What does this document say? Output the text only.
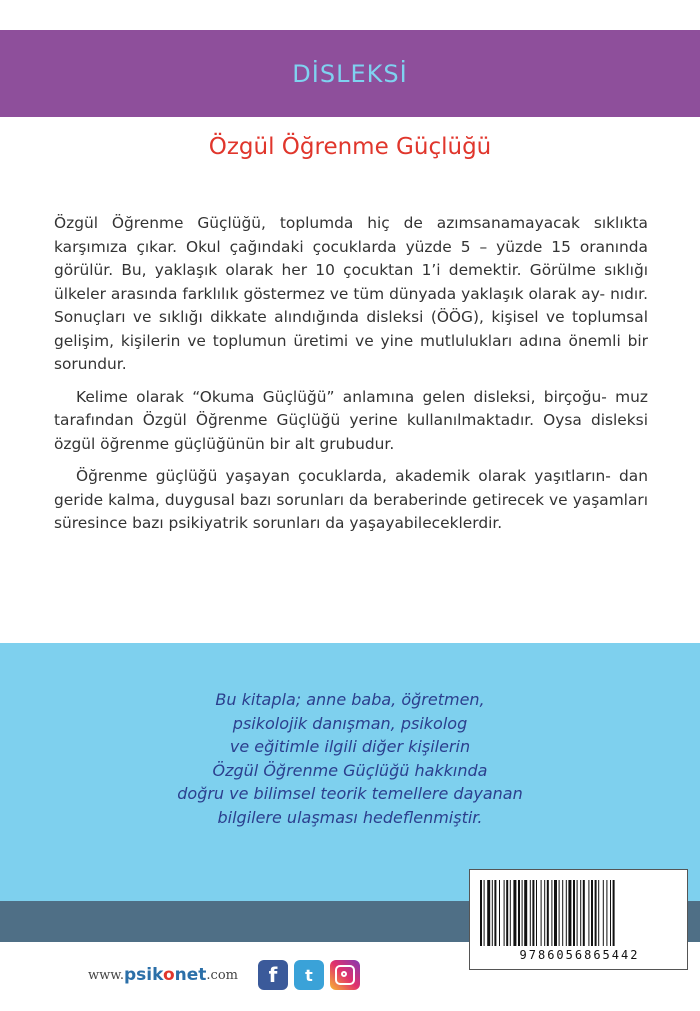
DİSLEKSİ
Özgül Öğrenme Güçlüğü

Özgül Öğrenme Güçlüğü, toplumda hiç de azımsanamayacak sıklıkta karşımıza çıkar. Okul çağındaki çocuklarda yüzde 5 – yüzde 15 oranında görülür. Bu, yaklaşık olarak her 10 çocuktan 1’i demektir. Görülme sıklığı ülkeler arasında farklılık göstermez ve tüm dünyada yaklaşık olarak ay- nıdır. Sonuçları ve sıklığı dikkate alındığında disleksi (ÖÖG), kişisel ve toplumsal gelişim, kişilerin ve toplumun üretimi ve yine mutlulukları adına önemli bir sorundur.

Kelime olarak “Okuma Güçlüğü” anlamına gelen disleksi, birçoğu- muz tarafından Özgül Öğrenme Güçlüğü yerine kullanılmaktadır. Oysa disleksi özgül öğrenme güçlüğünün bir alt grubudur.

Öğrenme güçlüğü yaşayan çocuklarda, akademik olarak yaşıtların- dan geride kalma, duygusal bazı sorunları da beraberinde getirecek ve yaşamları süresince bazı psikiyatrik sorunları da yaşayabileceklerdir.

Bu kitapla; anne baba, öğretmen,
psikolojik danışman, psikolog
ve eğitimle ilgili diğer kişilerin
Özgül Öğrenme Güçlüğü hakkında
doğru ve bilimsel teorik temellere dayanan
bilgilere ulaşması hedeflenmiştir.
9786056865442
www. psikonet .com f t
